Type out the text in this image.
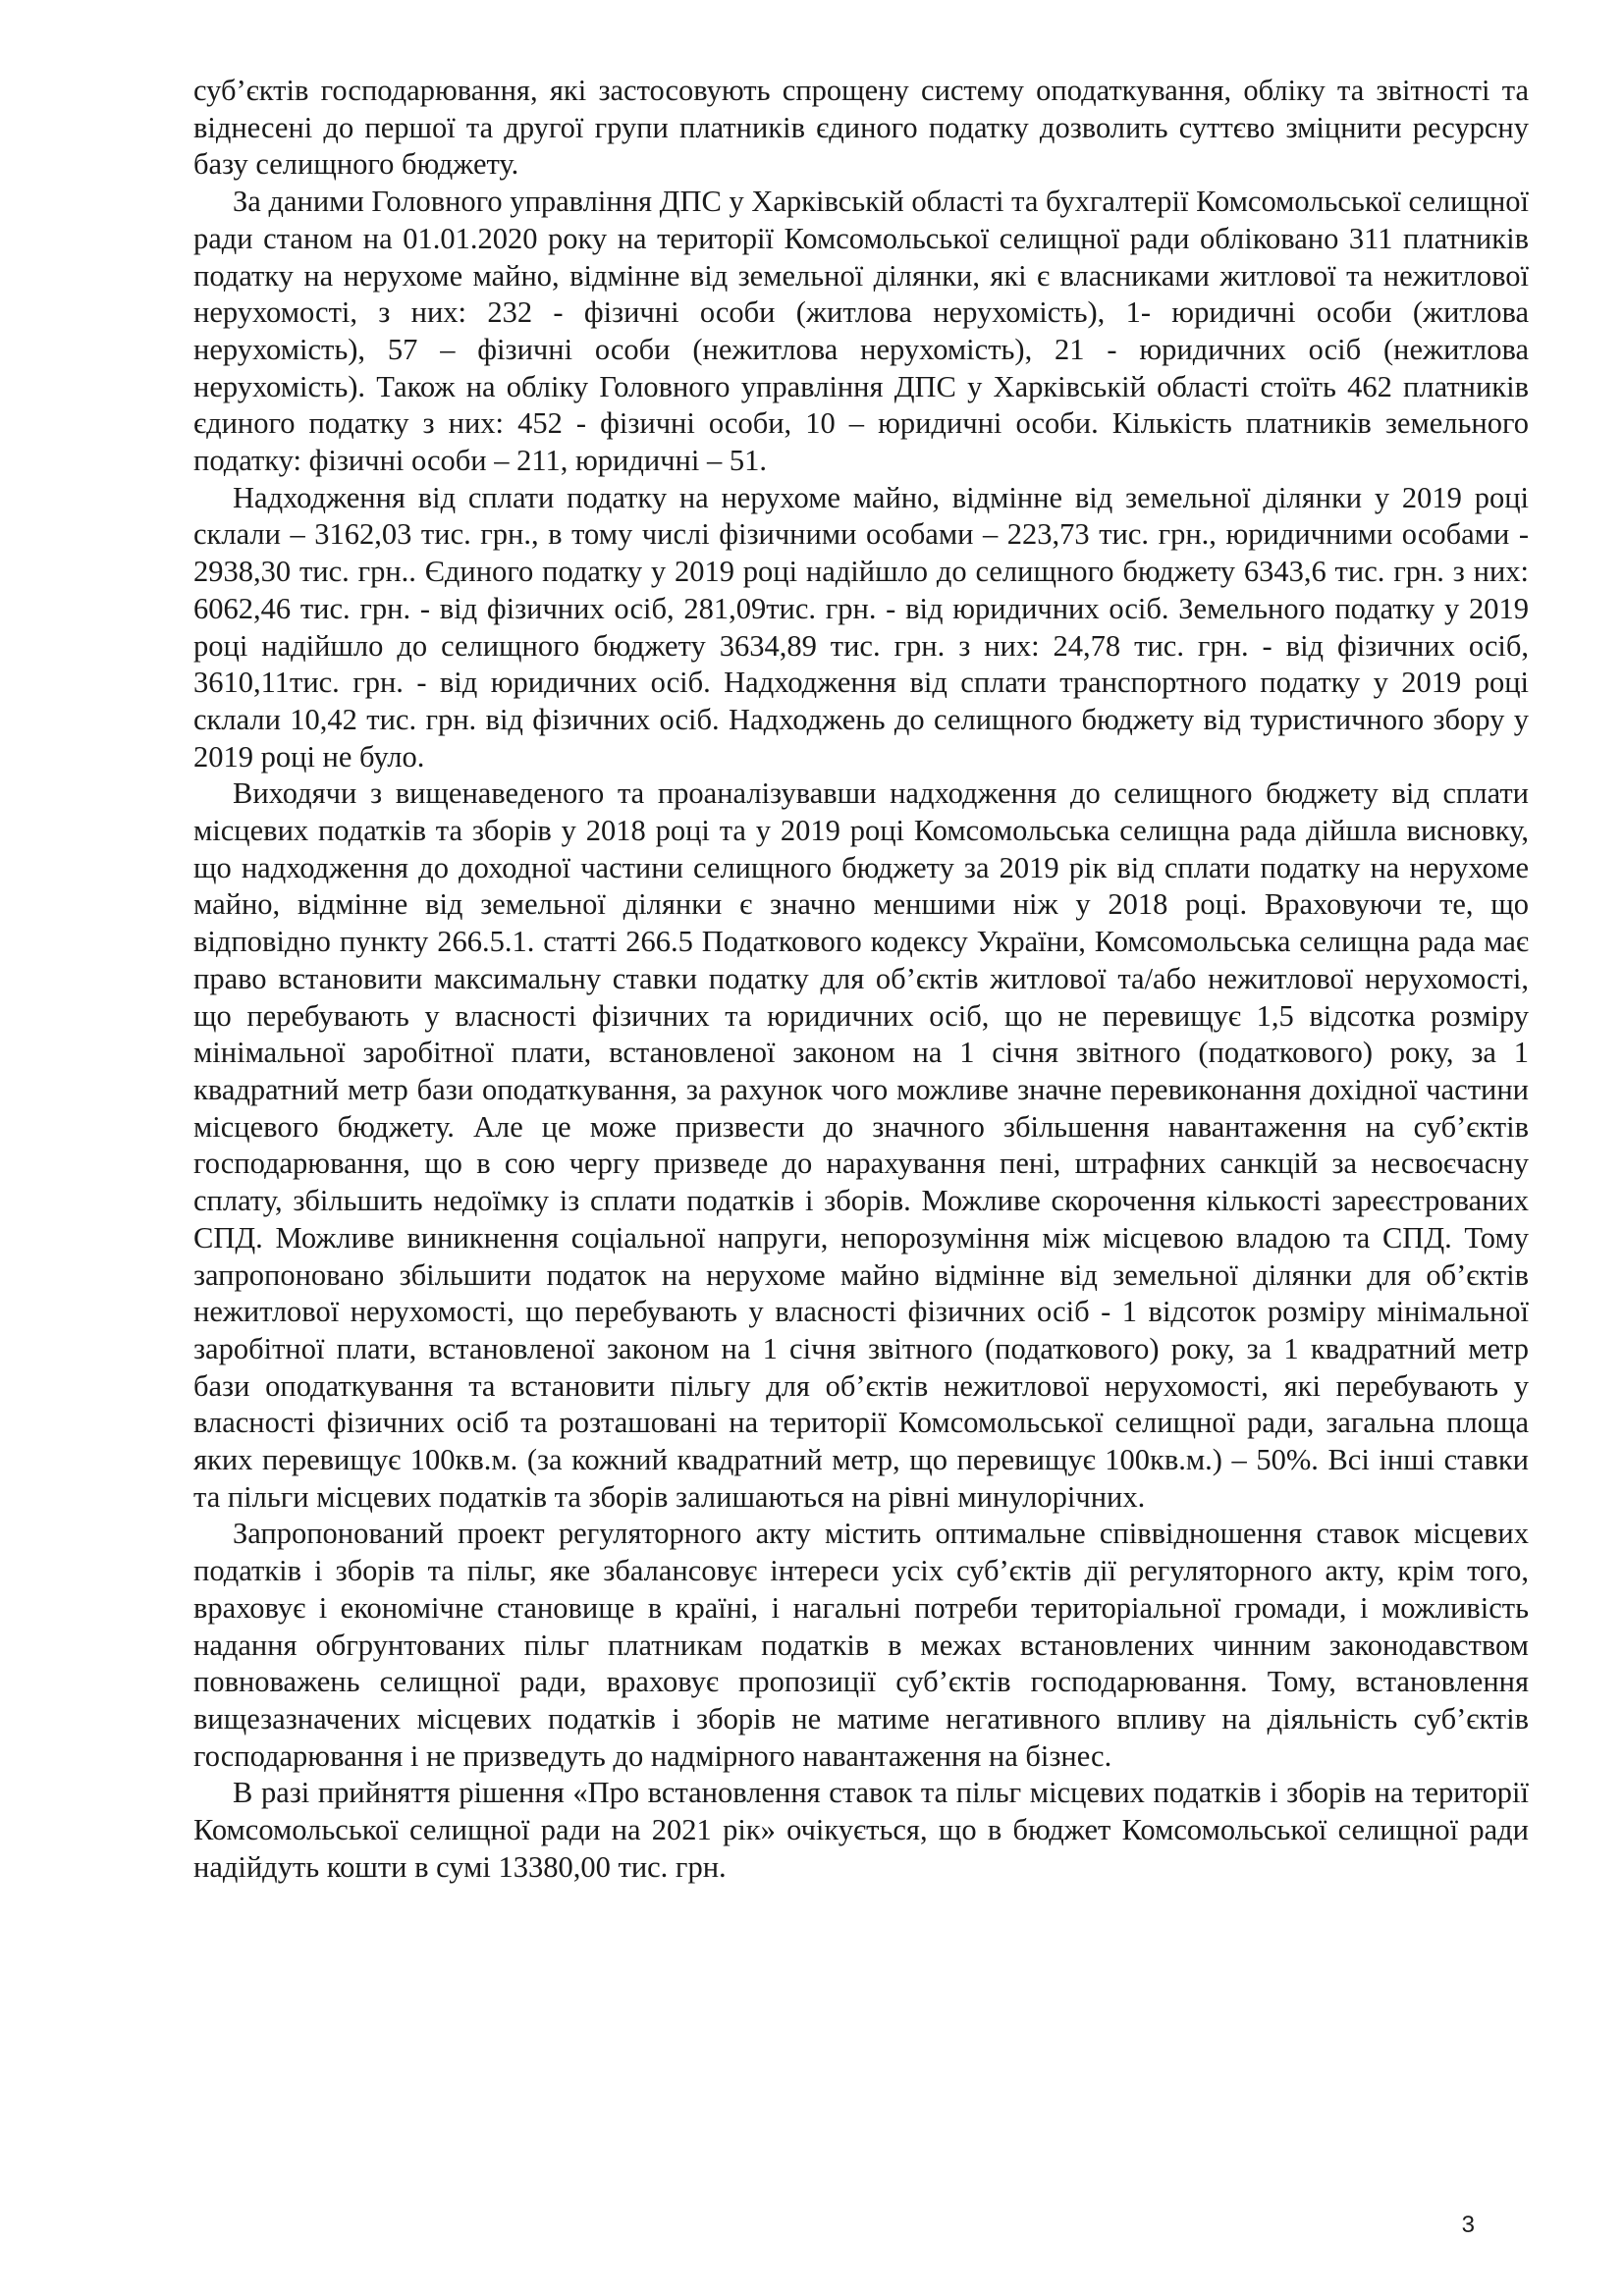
суб’єктів господарювання, які застосовують спрощену систему оподаткування, обліку та звітності та віднесені до першої та другої групи платників єдиного податку дозволить суттєво зміцнити ресурсну базу селищного бюджету.

За даними Головного управління ДПС у Харківській області та бухгалтерії Комсомольської селищної ради станом на 01.01.2020 року на території Комсомольської селищної ради обліковано 311 платників податку на нерухоме майно, відмінне від земельної ділянки, які є власниками житлової та нежитлової нерухомості, з них: 232 - фізичні особи (житлова нерухомість), 1- юридичні особи (житлова нерухомість), 57 – фізичні особи (нежитлова нерухомість), 21 - юридичних осіб (нежитлова нерухомість). Також на обліку Головного управління ДПС у Харківській області стоїть 462 платників єдиного податку з них: 452 - фізичні особи, 10 – юридичні особи. Кількість платників земельного податку: фізичні особи – 211, юридичні – 51.

Надходження від сплати податку на нерухоме майно, відмінне від земельної ділянки у 2019 році склали – 3162,03 тис. грн., в тому числі фізичними особами – 223,73 тис. грн., юридичними особами - 2938,30 тис. грн.. Єдиного податку у 2019 році надійшло до селищного бюджету 6343,6 тис. грн. з них: 6062,46 тис. грн. - від фізичних осіб, 281,09тис. грн. - від юридичних осіб. Земельного податку у 2019 році надійшло до селищного бюджету 3634,89 тис. грн. з них: 24,78 тис. грн. - від фізичних осіб, 3610,11тис. грн. - від юридичних осіб. Надходження від сплати транспортного податку у 2019 році склали 10,42 тис. грн. від фізичних осіб. Надходжень до селищного бюджету від туристичного збору у 2019 році не було.

Виходячи з вищенаведеного та проаналізувавши надходження до селищного бюджету від сплати місцевих податків та зборів у 2018 році та у 2019 році Комсомольська селищна рада дійшла висновку, що надходження до доходної частини селищного бюджету за 2019 рік від сплати податку на нерухоме майно, відмінне від земельної ділянки є значно меншими ніж у 2018 році. Враховуючи те, що відповідно пункту 266.5.1. статті 266.5 Податкового кодексу України, Комсомольська селищна рада має право встановити максимальну ставки податку для об’єктів житлової та/або нежитлової нерухомості, що перебувають у власності фізичних та юридичних осіб, що не перевищує 1,5 відсотка розміру мінімальної заробітної плати, встановленої законом на 1 січня звітного (податкового) року, за 1 квадратний метр бази оподаткування, за рахунок чого можливе значне перевиконання дохідної частини місцевого бюджету. Але це може призвести до значного збільшення навантаження на суб’єктів господарювання, що в сою чергу призведе до нарахування пені, штрафних санкцій за несвоєчасну сплату, збільшить недоїмку із сплати податків і зборів. Можливе скорочення кількості зареєстрованих СПД. Можливе виникнення соціальної напруги, непорозуміння між місцевою владою та СПД. Тому запропоновано збільшити податок на нерухоме майно відмінне від земельної ділянки для об’єктів нежитлової нерухомості, що перебувають у власності фізичних осіб - 1 відсоток розміру мінімальної заробітної плати, встановленої законом на 1 січня звітного (податкового) року, за 1 квадратний метр бази оподаткування та встановити пільгу для об’єктів нежитлової нерухомості, які перебувають у власності фізичних осіб та розташовані на території Комсомольської селищної ради, загальна площа яких перевищує 100кв.м. (за кожний квадратний метр, що перевищує 100кв.м.) – 50%. Всі інші ставки та пільги місцевих податків та зборів залишаються на рівні минулорічних.

Запропонований проект регуляторного акту містить оптимальне співвідношення ставок місцевих податків і зборів та пільг, яке збалансовує інтереси усіх суб’єктів дії регуляторного акту, крім того, враховує і економічне становище в країні, і нагальні потреби територіальної громади, і можливість надання обгрунтованих пільг платникам податків в межах встановлених чинним законодавством повноважень селищної ради, враховує пропозиції суб’єктів господарювання. Тому, встановлення вищезазначених місцевих податків і зборів не матиме негативного впливу на діяльність суб’єктів господарювання і не призведуть до надмірного навантаження на бізнес.

В разі прийняття рішення «Про встановлення ставок та пільг місцевих податків і зборів на території Комсомольської селищної ради на 2021 рік» очікується, що в бюджет Комсомольської селищної ради надійдуть кошти в сумі 13380,00 тис. грн.

3
